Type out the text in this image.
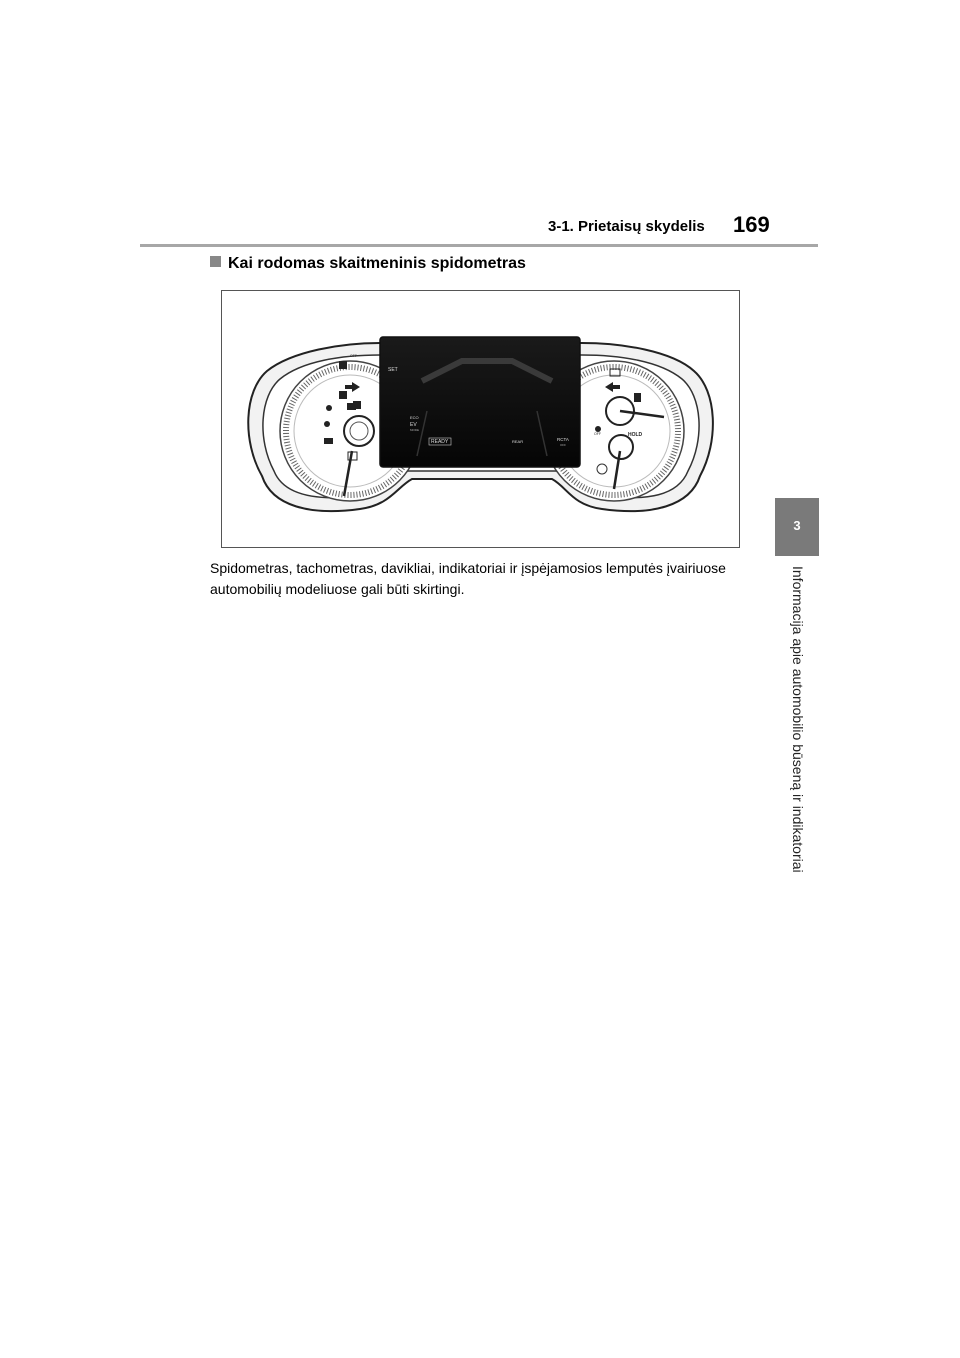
3-1. Prietaisų skydelis 169
3
Informacija apie automobilio būseną ir indikatoriai
Kai rodomas skaitmeninis spidometras
SET
ECO
EV
MODE
READY	REAR	RCTA
OFF
HOLD
OFF
OFF
Spidometras, tachometras, davikliai, indikatoriai ir įspėjamosios lemputės įvairiuose automobilių modeliuose gali būti skirtingi.
